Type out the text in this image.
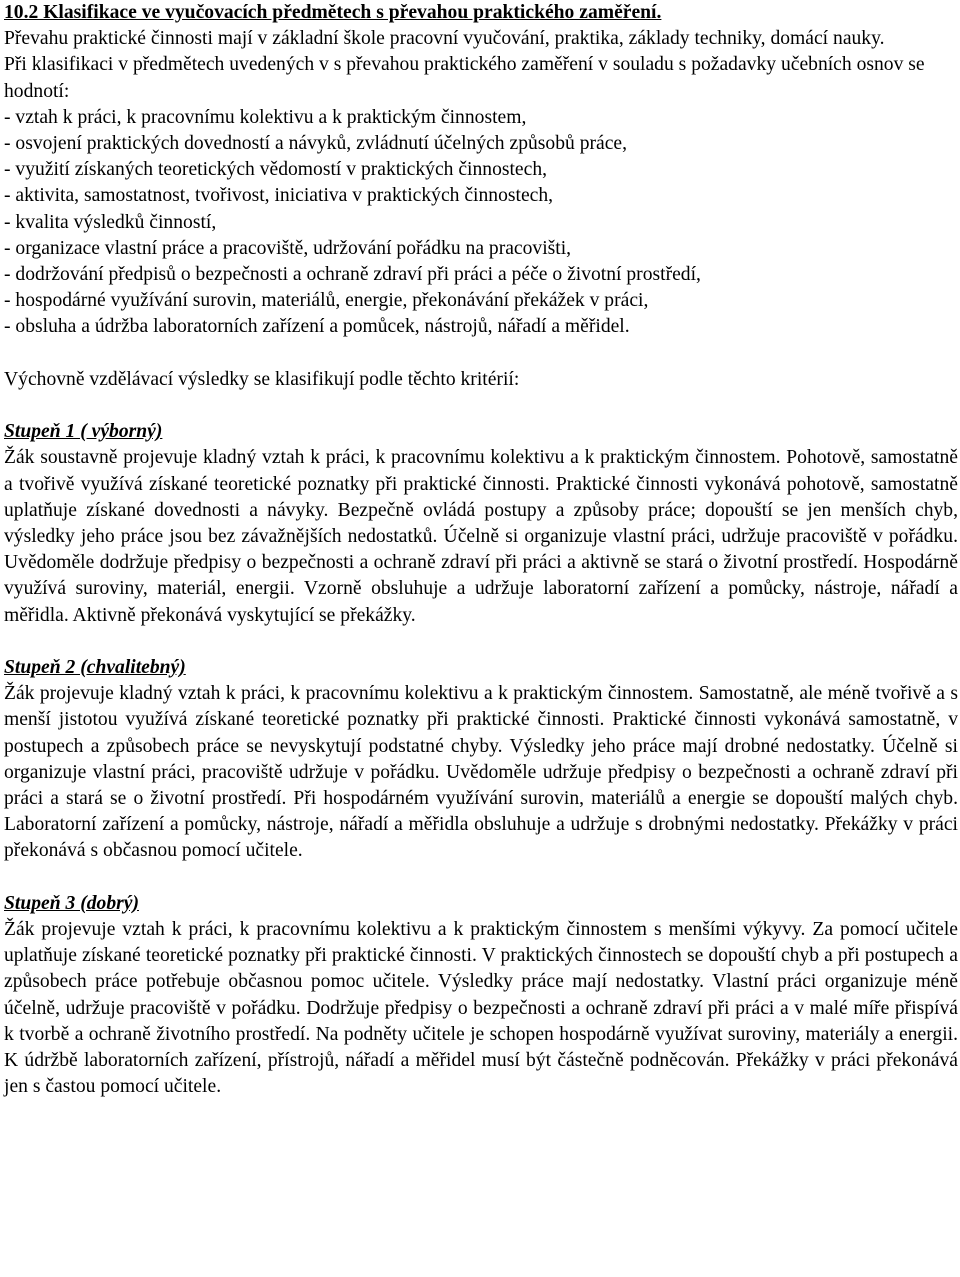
10.2 Klasifikace ve vyučovacích předmětech s převahou praktického zaměření.

Převahu praktické činnosti mají v základní škole pracovní vyučování, praktika, základy techniky, domácí nauky.

Při klasifikaci v předmětech uvedených v s převahou praktického zaměření v souladu s požadavky učebních osnov se hodnotí:

- vztah k práci, k pracovnímu kolektivu a k praktickým činnostem,
- osvojení praktických dovedností a návyků, zvládnutí účelných způsobů práce,
- využití získaných teoretických vědomostí v praktických činnostech,
- aktivita, samostatnost, tvořivost, iniciativa v praktických činnostech,
- kvalita výsledků činností,
- organizace vlastní práce a pracoviště, udržování pořádku na pracovišti,
- dodržování předpisů o bezpečnosti a ochraně zdraví při práci a péče o životní prostředí,
- hospodárné využívání surovin, materiálů, energie, překonávání překážek v práci,
- obsluha a údržba laboratorních zařízení a pomůcek, nástrojů, nářadí a měřidel.

Výchovně vzdělávací výsledky se klasifikují podle těchto kritérií:

Stupeň 1 ( výborný)

Žák soustavně projevuje kladný vztah k práci, k pracovnímu kolektivu a k praktickým činnostem. Pohotově, samostatně a tvořivě využívá získané teoretické poznatky při praktické činnosti. Praktické činnosti vykonává pohotově, samostatně uplatňuje získané dovednosti a návyky. Bezpečně ovládá postupy a způsoby práce; dopouští se jen menších chyb, výsledky jeho práce jsou bez závažnějších nedostatků. Účelně si organizuje vlastní práci, udržuje pracoviště v pořádku. Uvědoměle dodržuje předpisy o bezpečnosti a ochraně zdraví při práci a aktivně se stará o životní prostředí. Hospodárně využívá suroviny, materiál, energii. Vzorně obsluhuje a udržuje laboratorní zařízení a pomůcky, nástroje, nářadí a měřidla. Aktivně překonává vyskytující se překážky.

Stupeň 2 (chvalitebný)

Žák projevuje kladný vztah k práci, k pracovnímu kolektivu a k praktickým činnostem. Samostatně, ale méně tvořivě a s menší jistotou využívá získané teoretické poznatky při praktické činnosti. Praktické činnosti vykonává samostatně, v postupech a způsobech práce se nevyskytují podstatné chyby. Výsledky jeho práce mají drobné nedostatky. Účelně si organizuje vlastní práci, pracoviště udržuje v pořádku. Uvědoměle udržuje předpisy o bezpečnosti a ochraně zdraví při práci a stará se o životní prostředí. Při hospodárném využívání surovin, materiálů a energie se dopouští malých chyb. Laboratorní zařízení a pomůcky, nástroje, nářadí a měřidla obsluhuje a udržuje s drobnými nedostatky. Překážky v práci překonává s občasnou pomocí učitele.

Stupeň 3 (dobrý)

Žák projevuje vztah k práci, k pracovnímu kolektivu a k praktickým činnostem s menšími výkyvy. Za pomocí učitele uplatňuje získané teoretické poznatky při praktické činnosti. V praktických činnostech se dopouští chyb a při postupech a způsobech práce potřebuje občasnou pomoc učitele. Výsledky práce mají nedostatky. Vlastní práci organizuje méně účelně, udržuje pracoviště v pořádku. Dodržuje předpisy o bezpečnosti a ochraně zdraví při práci a v malé míře přispívá k tvorbě a ochraně životního prostředí. Na podněty učitele je schopen hospodárně využívat suroviny, materiály a energii. K údržbě laboratorních zařízení, přístrojů, nářadí a měřidel musí být částečně podněcován. Překážky v práci překonává jen s častou pomocí učitele.
